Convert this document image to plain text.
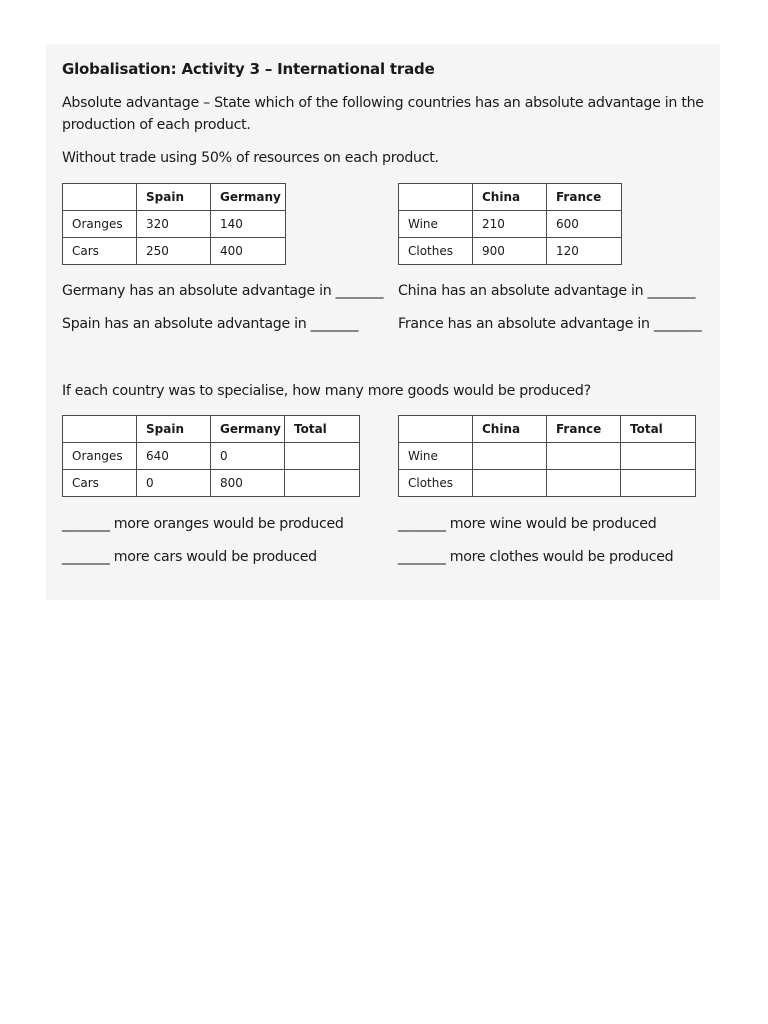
Globalisation: Activity 3 – International trade
Absolute advantage – State which of the following countries has an absolute advantage in the production of each product.
Without trade using 50% of resources on each product.
	Spain	Germany
Oranges	320	140
Cars	250	400
	China	France
Wine	210	600
Clothes	900	120
Germany has an absolute advantage in _______ China has an absolute advantage in _______
Spain has an absolute advantage in _______	France has an absolute advantage in _______
If each country was to specialise, how many more goods would be produced?
	Spain	Germany	Total
Oranges	640	0	
Cars	0	800	
	China	France	Total
Wine			
Clothes			
_______ more oranges would be produced	_______ more wine would be produced
_______ more cars would be produced	_______ more clothes would be produced
